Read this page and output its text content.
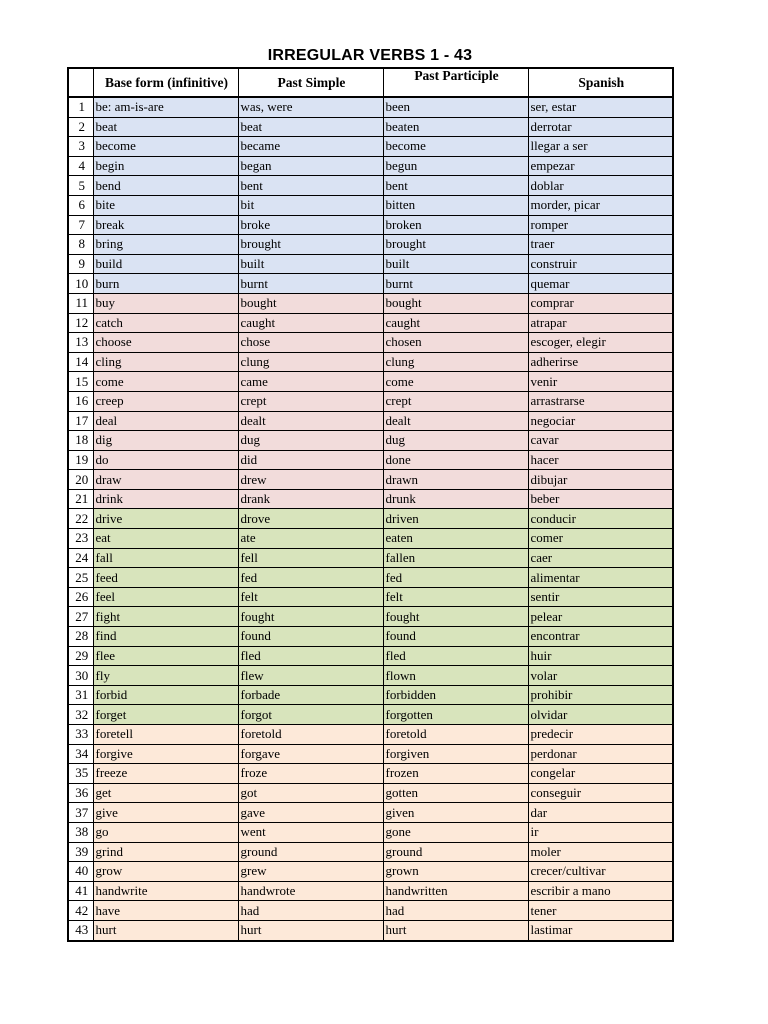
IRREGULAR VERBS 1 - 43
	Base form (infinitive)	Past Simple	Past Participle	Spanish
1	be: am-is-are	was, were	been	ser, estar
2	beat	beat	beaten	derrotar
3	become	became	become	llegar a ser
4	begin	began	begun	empezar
5	bend	bent	bent	doblar
6	bite	bit	bitten	morder, picar
7	break	broke	broken	romper
8	bring	brought	brought	traer
9	build	built	built	construir
10	burn	burnt	burnt	quemar
11	buy	bought	bought	comprar
12	catch	caught	caught	atrapar
13	choose	chose	chosen	escoger, elegir
14	cling	clung	clung	adherirse
15	come	came	come	venir
16	creep	crept	crept	arrastrarse
17	deal	dealt	dealt	negociar
18	dig	dug	dug	cavar
19	do	did	done	hacer
20	draw	drew	drawn	dibujar
21	drink	drank	drunk	beber
22	drive	drove	driven	conducir
23	eat	ate	eaten	comer
24	fall	fell	fallen	caer
25	feed	fed	fed	alimentar
26	feel	felt	felt	sentir
27	fight	fought	fought	pelear
28	find	found	found	encontrar
29	flee	fled	fled	huir
30	fly	flew	flown	volar
31	forbid	forbade	forbidden	prohibir
32	forget	forgot	forgotten	olvidar
33	foretell	foretold	foretold	predecir
34	forgive	forgave	forgiven	perdonar
35	freeze	froze	frozen	congelar
36	get	got	gotten	conseguir
37	give	gave	given	dar
38	go	went	gone	ir
39	grind	ground	ground	moler
40	grow	grew	grown	crecer/cultivar
41	handwrite	handwrote	handwritten	escribir a mano
42	have	had	had	tener
43	hurt	hurt	hurt	lastimar
